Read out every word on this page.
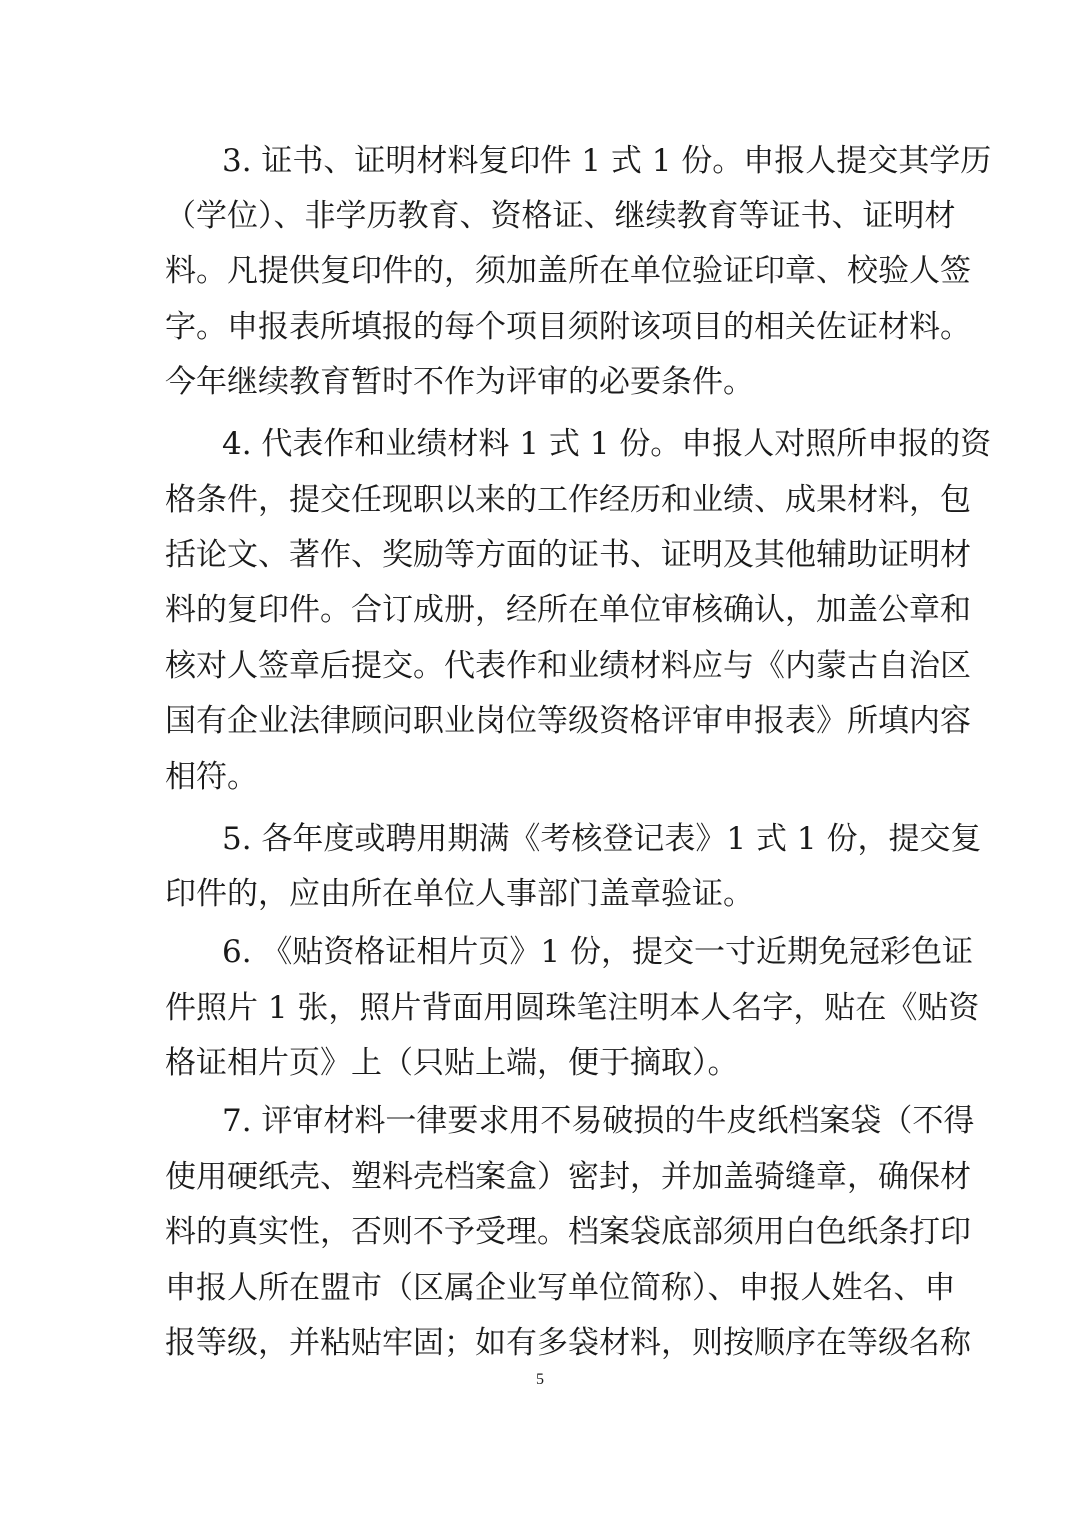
3. 证书、证明材料复印件 1 式 1 份。申报人提交其学历
（学位）、非学历教育、资格证、继续教育等证书、证明材
料。凡提供复印件的，须加盖所在单位验证印章、校验人签
字。申报表所填报的每个项目须附该项目的相关佐证材料。
今年继续教育暂时不作为评审的必要条件。
4. 代表作和业绩材料 1 式 1 份。申报人对照所申报的资
格条件，提交任现职以来的工作经历和业绩、成果材料，包
括论文、著作、奖励等方面的证书、证明及其他辅助证明材
料的复印件。合订成册，经所在单位审核确认，加盖公章和
核对人签章后提交。代表作和业绩材料应与《内蒙古自治区
国有企业法律顾问职业岗位等级资格评审申报表》所填内容
相符。
5. 各年度或聘用期满《考核登记表》1 式 1 份，提交复
印件的，应由所在单位人事部门盖章验证。
6. 《贴资格证相片页》1 份，提交一寸近期免冠彩色证
件照片 1 张，照片背面用圆珠笔注明本人名字，贴在《贴资
格证相片页》上（只贴上端，便于摘取）。
7. 评审材料一律要求用不易破损的牛皮纸档案袋（不得
使用硬纸壳、塑料壳档案盒）密封，并加盖骑缝章，确保材
料的真实性，否则不予受理。档案袋底部须用白色纸条打印
申报人所在盟市（区属企业写单位简称）、申报人姓名、申
报等级，并粘贴牢固；如有多袋材料，则按顺序在等级名称
5
